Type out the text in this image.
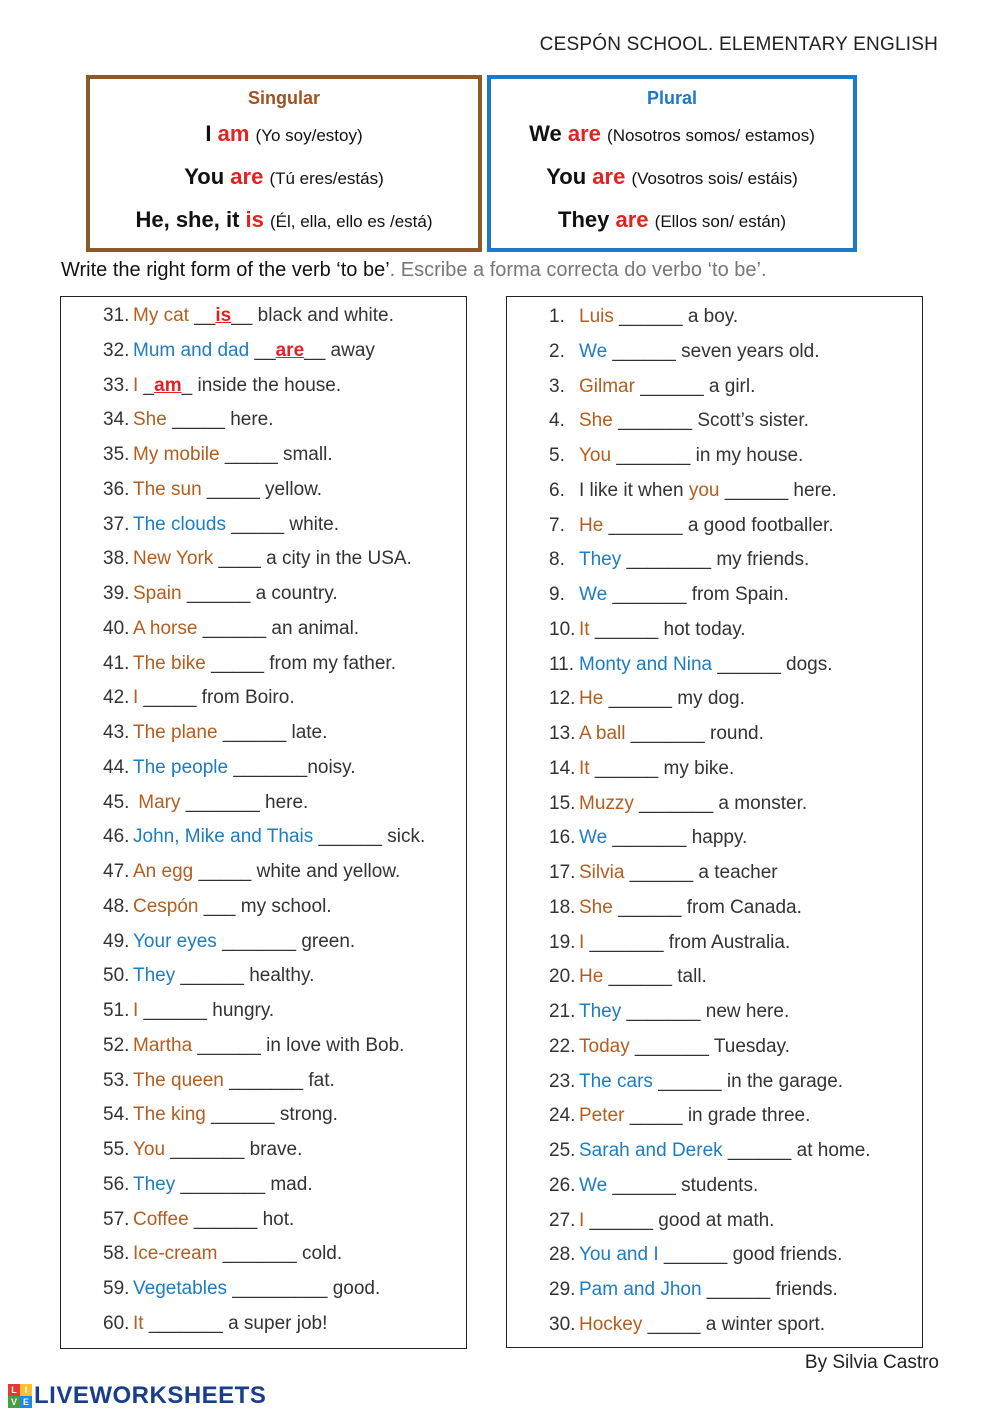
CESPÓN SCHOOL. ELEMENTARY ENGLISH
Singular
I am (Yo soy/estoy)
You are (Tú eres/estás)
He, she, it is (Él, ella, ello es /está)
Plural
We are (Nosotros somos/ estamos)
You are (Vosotros sois/ estáis)
They are (Ellos son/ están)
Write the right form of the verb ‘to be’. Escribe a forma correcta do verbo ‘to be’.
31. My cat __is__ black and white.
32. Mum and dad __are__ away
33. I _am_ inside the house.
34. She _____ here.
35. My mobile _____ small.
36. The sun _____ yellow.
37. The clouds _____ white.
38. New York ____ a city in the USA.
39. Spain ______ a country.
40. A horse ______ an animal.
41. The bike _____ from my father.
42. I _____ from Boiro.
43. The plane ______ late.
44. The people _______noisy.
45. Mary _______ here.
46. John, Mike and Thais ______ sick.
47. An egg _____ white and yellow.
48. Cespón ___ my school.
49. Your eyes _______ green.
50. They ______ healthy.
51. I ______ hungry.
52. Martha ______ in love with Bob.
53. The queen _______ fat.
54. The king ______ strong.
55. You _______ brave.
56. They ________ mad.
57. Coffee ______ hot.
58. Ice-cream _______ cold.
59. Vegetables _________ good.
60. It _______ a super job!
1. Luis ______ a boy.
2. We ______ seven years old.
3. Gilmar ______ a girl.
4. She _______ Scott’s sister.
5. You _______ in my house.
6. I like it when you ______ here.
7. He _______ a good footballer.
8. They ________ my friends.
9. We _______ from Spain.
10. It ______ hot today.
11. Monty and Nina ______ dogs.
12. He ______ my dog.
13. A ball _______ round.
14. It ______ my bike.
15. Muzzy _______ a monster.
16. We _______ happy.
17. Silvia ______ a teacher
18. She ______ from Canada.
19. I _______ from Australia.
20. He ______ tall.
21. They _______ new here.
22. Today _______ Tuesday.
23. The cars ______ in the garage.
24. Peter _____ in grade three.
25. Sarah and Derek ______ at home.
26. We ______ students.
27. I ______ good at math.
28. You and I ______ good friends.
29. Pam and Jhon ______ friends.
30. Hockey _____ a winter sport.
By Silvia Castro
L I
V E LIVEWORKSHEETS
